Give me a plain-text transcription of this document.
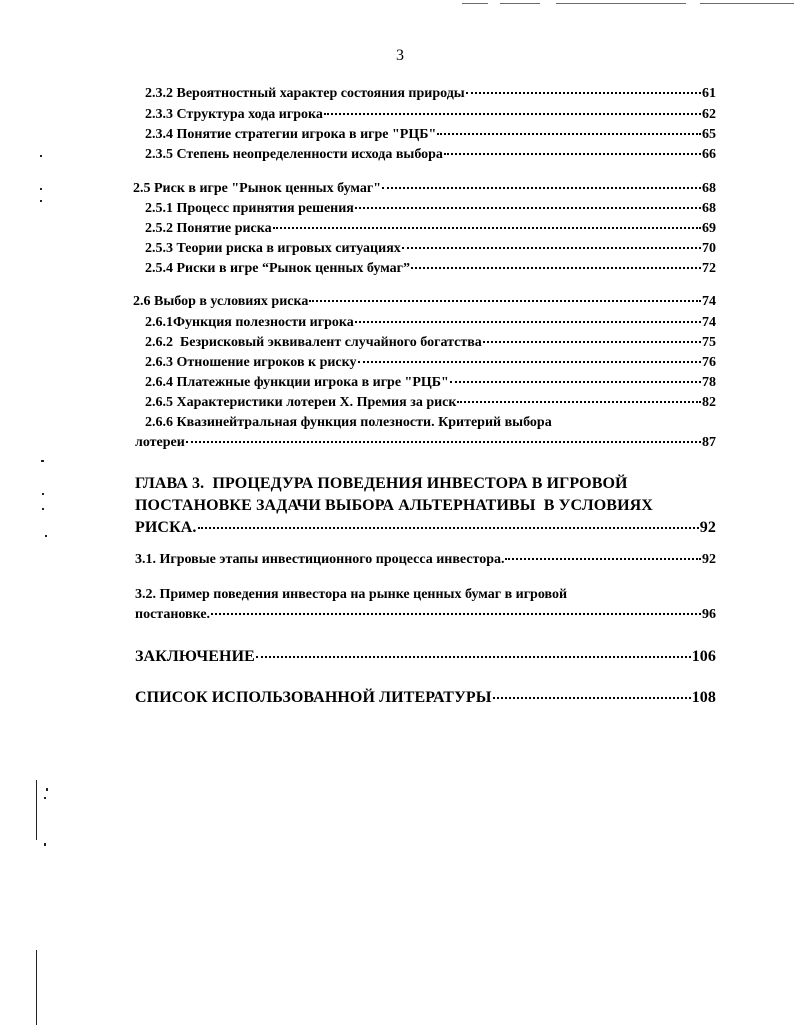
3
2.3.2 Вероятностный характер состояния природы	61
2.3.3 Структура хода игрока	62
2.3.4 Понятие стратегии игрока в игре "РЦБ"	65
2.3.5 Степень неопределенности исхода выбора	66
2.5 Риск в игре "Рынок ценных бумаг"	68
2.5.1 Процесс принятия решения	68
2.5.2 Понятие риска	69
2.5.3 Теории риска в игровых ситуациях	70
2.5.4 Риски в игре “Рынок ценных бумаг”	72
2.6 Выбор в условиях риска	74
2.6.1Функция полезности игрока	74
2.6.2  Безрисковый эквивалент случайного богатства	75
2.6.3 Отношение игроков к риску	76
2.6.4 Платежные функции игрока в игре "РЦБ"	78
2.6.5 Характеристики лотереи X. Премия за риск	82
2.6.6 Квазинейтральная функция полезности. Критерий выбора
лотереи	87
ГЛАВА 3.  ПРОЦЕДУРА ПОВЕДЕНИЯ ИНВЕСТОРА В ИГРОВОЙ
ПОСТАНОВКЕ ЗАДАЧИ ВЫБОРА АЛЬТЕРНАТИВЫ  В УСЛОВИЯХ
РИСКА.	92
3.1. Игровые этапы инвестиционного процесса инвестора.	92
3.2. Пример поведения инвестора на рынке ценных бумаг в игровой
постановке.	96
ЗАКЛЮЧЕНИЕ	106
СПИСОК ИСПОЛЬЗОВАННОЙ ЛИТЕРАТУРЫ	108
